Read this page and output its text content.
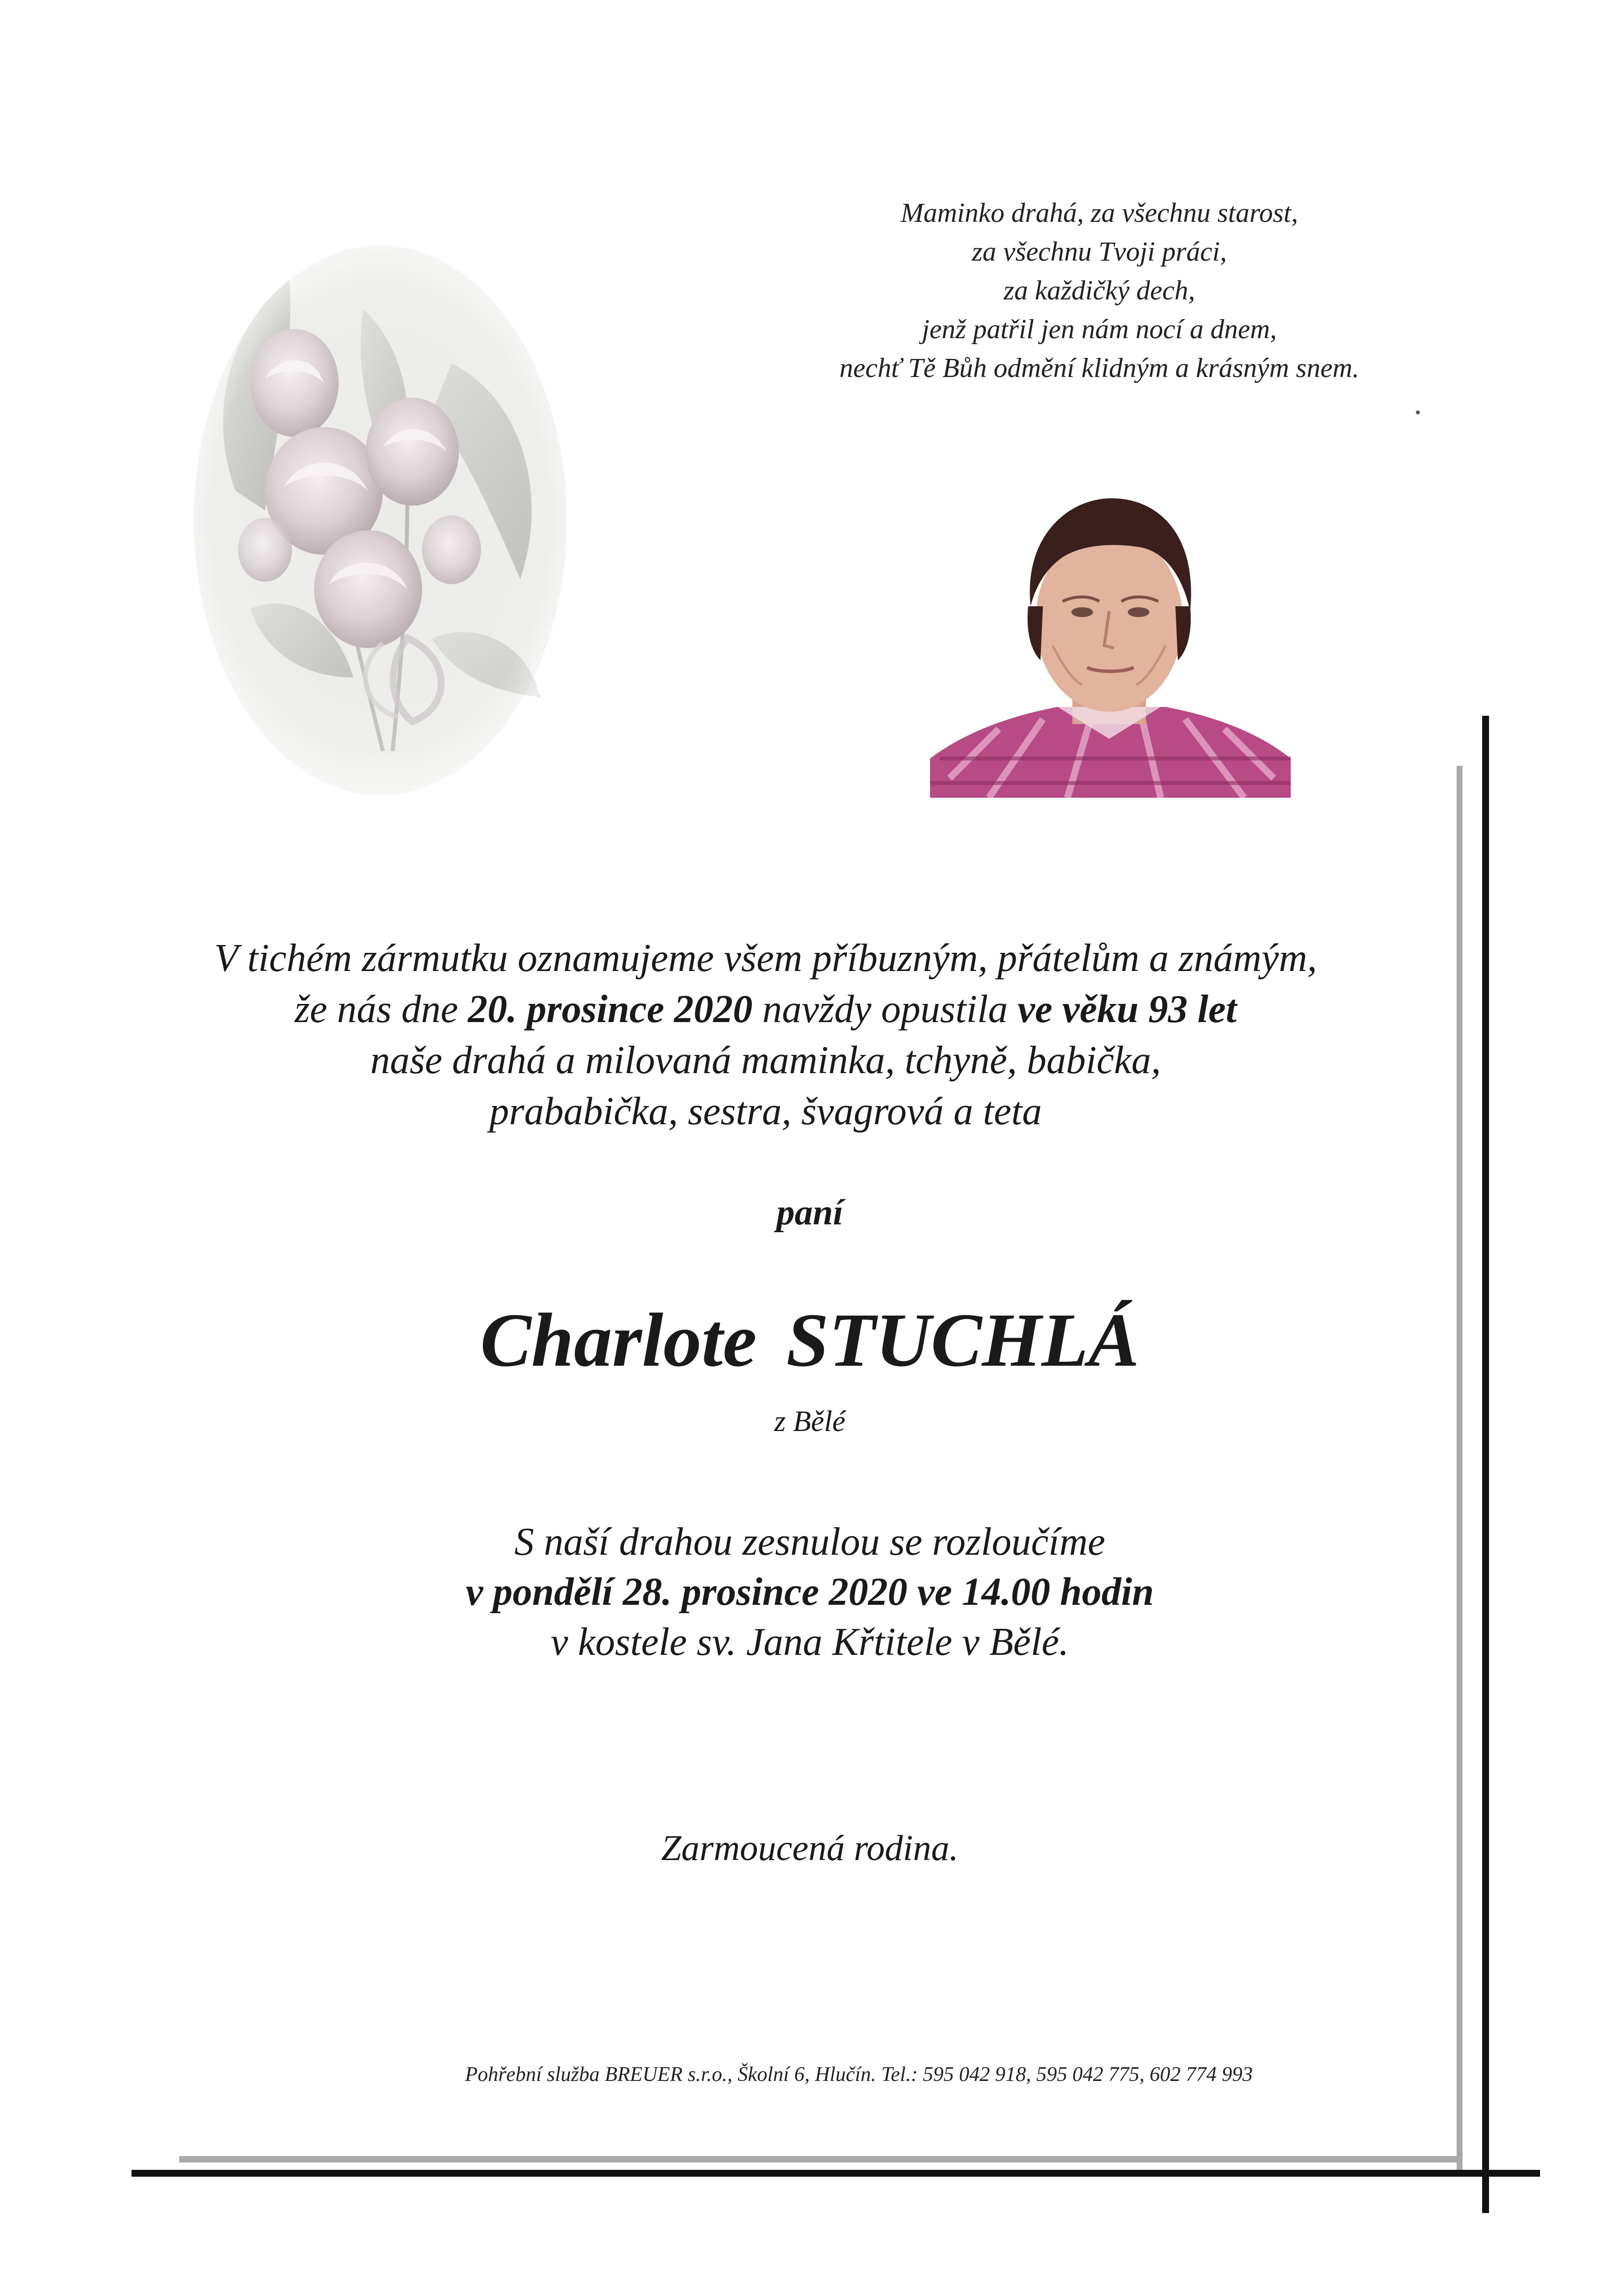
Maminko drahá, za všechnu starost,
za všechnu Tvoji práci,
za každičký dech,
jenž patřil jen nám nocí a dnem,
nechť Tě Bůh odmění klidným a krásným snem.
V tichém zármutku oznamujeme všem příbuzným, přátelům a známým,
že nás dne 20. prosince 2020 navždy opustila ve věku 93 let
naše drahá a milovaná maminka, tchyně, babička,
prababička, sestra, švagrová a teta
paní
Charlote STUCHLÁ
z Bělé
S naší drahou zesnulou se rozloučíme
v pondělí 28. prosince 2020 ve 14.00 hodin
v kostele sv. Jana Křtitele v Bělé.
Zarmoucená rodina.
Pohřební služba BREUER s.r.o., Školní 6, Hlučín. Tel.: 595 042 918, 595 042 775, 602 774 993
